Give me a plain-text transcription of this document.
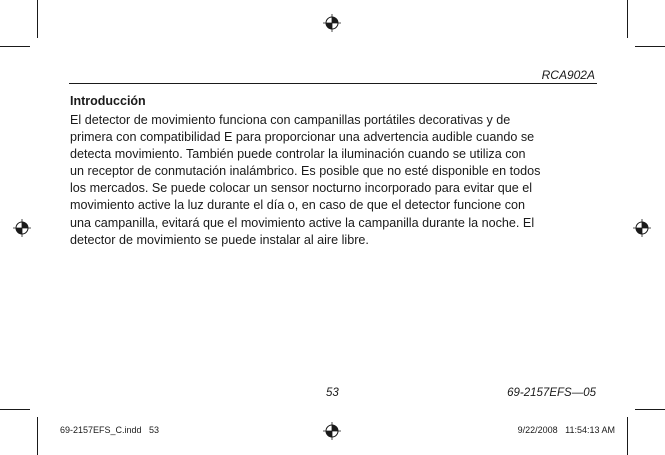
RCA902A
Introducción
El detector de movimiento funciona con campanillas portátiles decorativas y de
primera con compatibilidad E para proporcionar una advertencia audible cuando se
detecta movimiento. También puede controlar la iluminación cuando se utiliza con
un receptor de conmutación inalámbrico. Es posible que no esté disponible en todos
los mercados. Se puede colocar un sensor nocturno incorporado para evitar que el
movimiento active la luz durante el día o, en caso de que el detector funcione con
una campanilla, evitará que el movimiento active la campanilla durante la noche. El
detector de movimiento se puede instalar al aire libre.
53	69-2157EFS—05
69-2157EFS_C.indd   53	9/22/2008   11:54:13 AM
